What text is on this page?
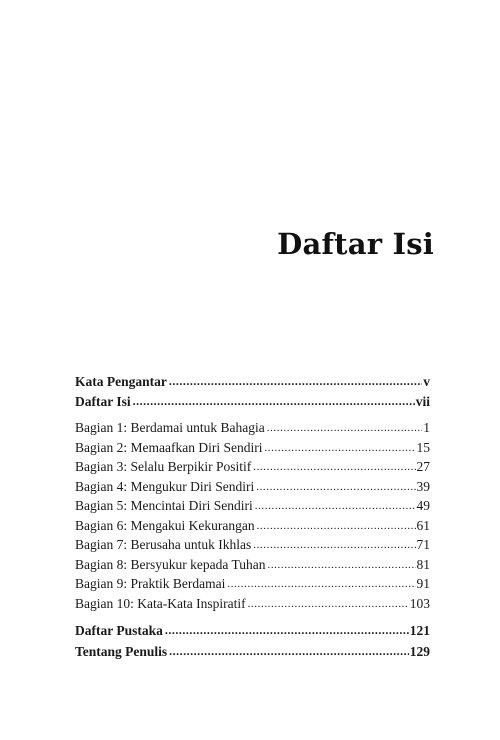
Daftar Isi
Kata Pengantar .....	v
Daftar Isi .....	vii
Bagian 1: Berdamai untuk Bahagia .....	1
Bagian 2: Memaafkan Diri Sendiri .....	15
Bagian 3: Selalu Berpikir Positif .....	27
Bagian 4: Mengukur Diri Sendiri .....	39
Bagian 5: Mencintai Diri Sendiri .....	49
Bagian 6: Mengakui Kekurangan .....	61
Bagian 7: Berusaha untuk Ikhlas .....	71
Bagian 8: Bersyukur kepada Tuhan .....	81
Bagian 9: Praktik Berdamai .....	91
Bagian 10: Kata-Kata Inspiratif .....	103
Daftar Pustaka .....	121
Tentang Penulis .....	129
